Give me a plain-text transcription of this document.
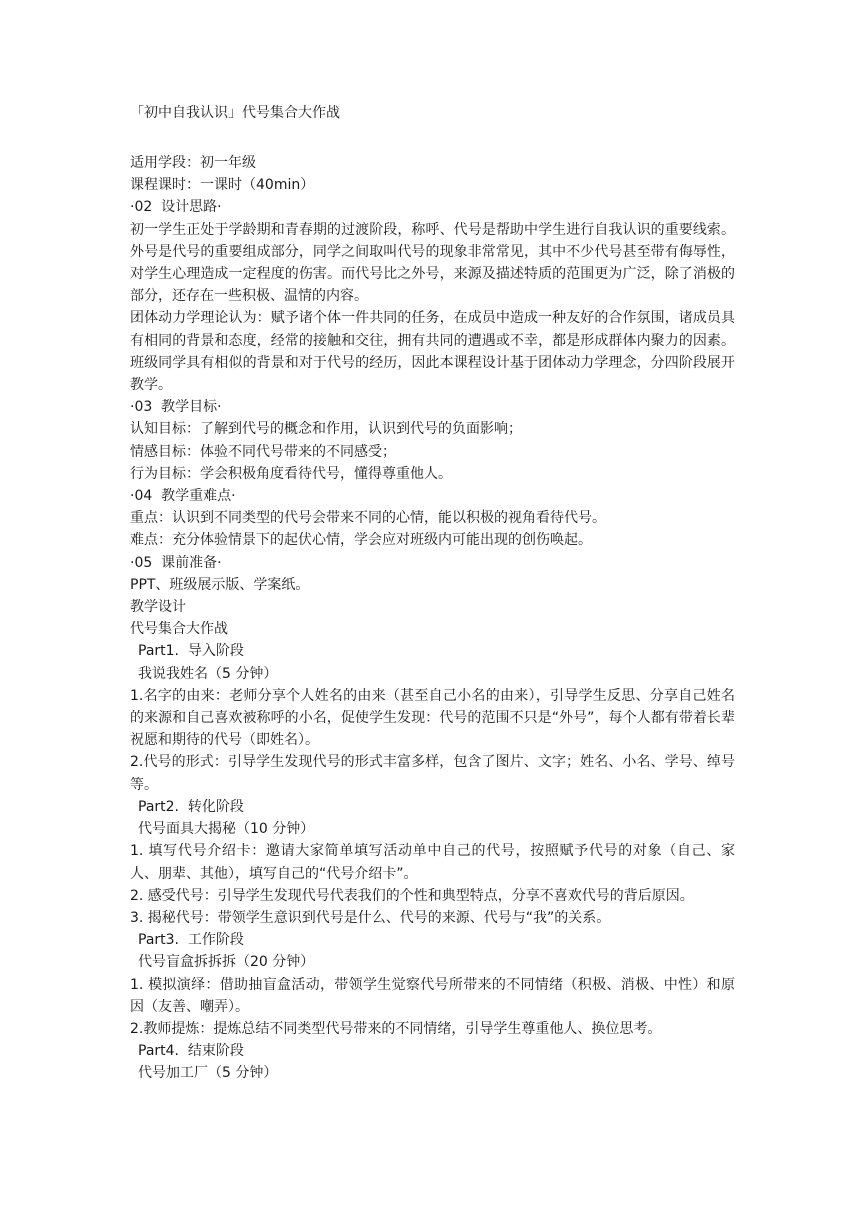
「初中自我认识」代号集合大作战

适用学段：初一年级

课程课时：一课时（40min）

·02  设计思路·

初一学生正处于学龄期和青春期的过渡阶段，称呼、代号是帮助中学生进行自我认识的重要线索。外号是代号的重要组成部分，同学之间取叫代号的现象非常常见，其中不少代号甚至带有侮辱性，对学生心理造成一定程度的伤害。而代号比之外号，来源及描述特质的范围更为广泛，除了消极的部分，还存在一些积极、温情的内容。

团体动力学理论认为：赋予诸个体一件共同的任务，在成员中造成一种友好的合作氛围，诸成员具有相同的背景和态度，经常的接触和交往，拥有共同的遭遇或不幸，都是形成群体内聚力的因素。班级同学具有相似的背景和对于代号的经历，因此本课程设计基于团体动力学理念，分四阶段展开教学。

·03  教学目标·

认知目标：了解到代号的概念和作用，认识到代号的负面影响；

情感目标：体验不同代号带来的不同感受；

行为目标：学会积极角度看待代号，懂得尊重他人。

·04  教学重难点·

重点：认识到不同类型的代号会带来不同的心情，能以积极的视角看待代号。

难点：充分体验情景下的起伏心情，学会应对班级内可能出现的创伤唤起。

·05  课前准备·

PPT、班级展示版、学案纸。

教学设计

代号集合大作战

Part1.  导入阶段

我说我姓名（5 分钟）

1.名字的由来：老师分享个人姓名的由来（甚至自己小名的由来），引导学生反思、分享自己姓名的来源和自己喜欢被称呼的小名，促使学生发现：代号的范围不只是“外号”，每个人都有带着长辈祝愿和期待的代号（即姓名）。

2.代号的形式：引导学生发现代号的形式丰富多样，包含了图片、文字；姓名、小名、学号、绰号等。

Part2.  转化阶段

代号面具大揭秘（10 分钟）

1. 填写代号介绍卡：邀请大家简单填写活动单中自己的代号，按照赋予代号的对象（自己、家人、朋辈、其他），填写自己的“代号介绍卡”。

2. 感受代号：引导学生发现代号代表我们的个性和典型特点，分享不喜欢代号的背后原因。

3. 揭秘代号：带领学生意识到代号是什么、代号的来源、代号与“我”的关系。

Part3.  工作阶段

代号盲盒拆拆拆（20 分钟）

1. 模拟演绎：借助抽盲盒活动，带领学生觉察代号所带来的不同情绪（积极、消极、中性）和原因（友善、嘲弄）。

2.教师提炼：提炼总结不同类型代号带来的不同情绪，引导学生尊重他人、换位思考。

Part4.  结束阶段

代号加工厂（5 分钟）
